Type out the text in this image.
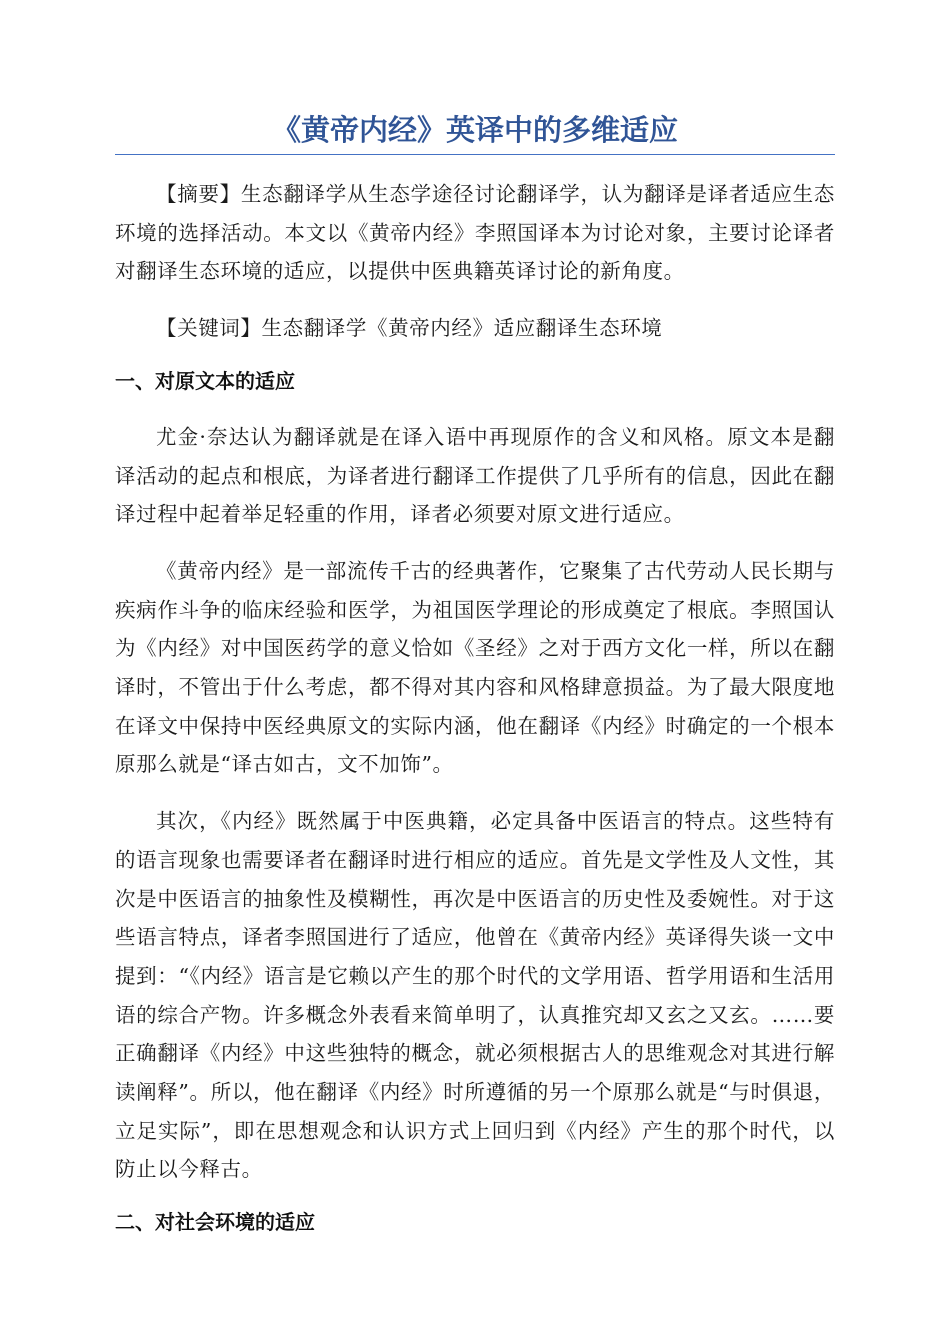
《黄帝内经》英译中的多维适应

【摘要】生态翻译学从生态学途径讨论翻译学，认为翻译是译者适应生态环境的选择活动。本文以《黄帝内经》李照国译本为讨论对象，主要讨论译者对翻译生态环境的适应，以提供中医典籍英译讨论的新角度。

【关键词】生态翻译学《黄帝内经》适应翻译生态环境

一、对原文本的适应

尤金·奈达认为翻译就是在译入语中再现原作的含义和风格。原文本是翻译活动的起点和根底，为译者进行翻译工作提供了几乎所有的信息，因此在翻译过程中起着举足轻重的作用，译者必须要对原文进行适应。

《黄帝内经》是一部流传千古的经典著作，它聚集了古代劳动人民长期与疾病作斗争的临床经验和医学，为祖国医学理论的形成奠定了根底。李照国认为《内经》对中国医药学的意义恰如《圣经》之对于西方文化一样，所以在翻译时，不管出于什么考虑，都不得对其内容和风格肆意损益。为了最大限度地在译文中保持中医经典原文的实际内涵，他在翻译《内经》时确定的一个根本原那么就是“译古如古，文不加饰”。

其次，《内经》既然属于中医典籍，必定具备中医语言的特点。这些特有的语言现象也需要译者在翻译时进行相应的适应。首先是文学性及人文性，其次是中医语言的抽象性及模糊性，再次是中医语言的历史性及委婉性。对于这些语言特点，译者李照国进行了适应，他曾在《黄帝内经》英译得失谈一文中提到：“《内经》语言是它赖以产生的那个时代的文学用语、哲学用语和生活用语的综合产物。许多概念外表看来简单明了，认真推究却又玄之又玄。……要正确翻译《内经》中这些独特的概念，就必须根据古人的思维观念对其进行解读阐释”。所以，他在翻译《内经》时所遵循的另一个原那么就是“与时俱退，立足实际”，即在思想观念和认识方式上回归到《内经》产生的那个时代，以防止以今释古。

二、对社会环境的适应
